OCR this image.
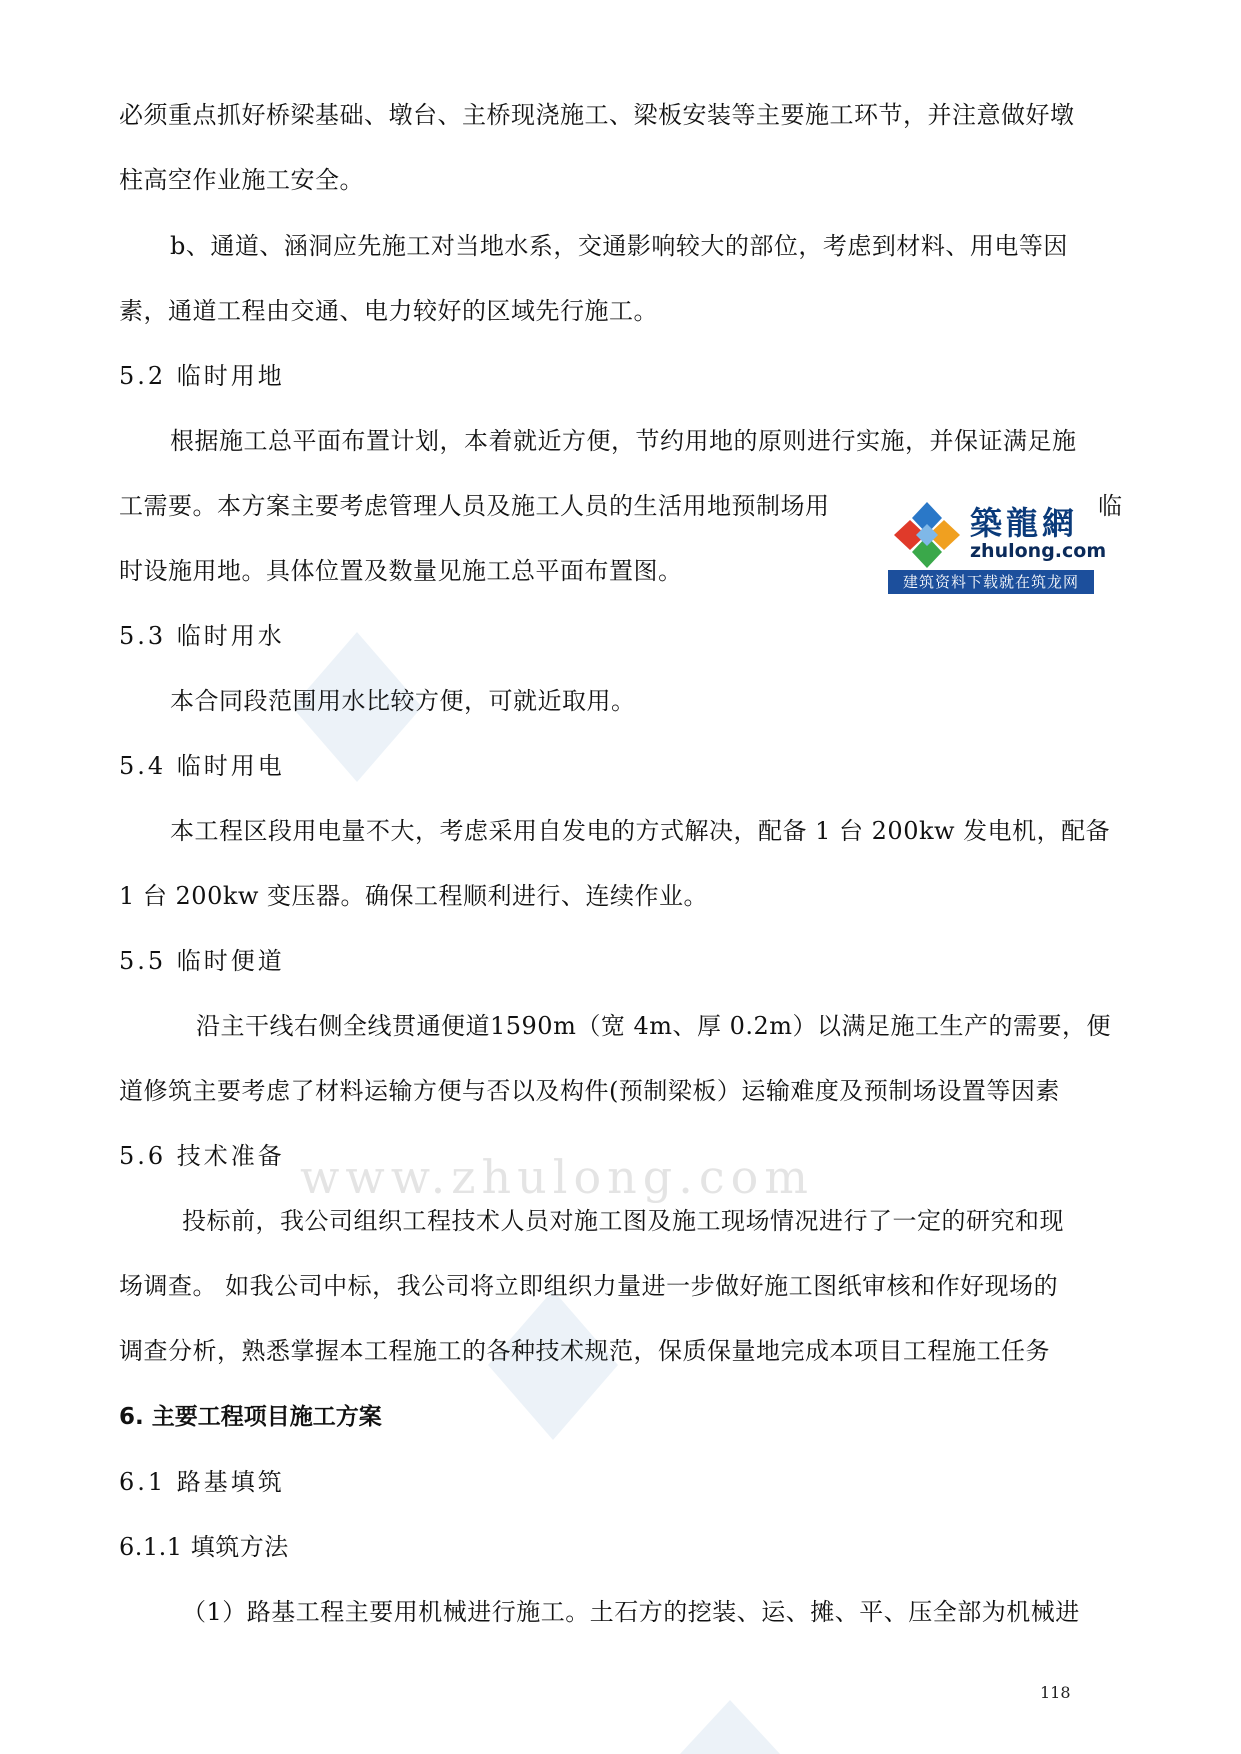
www.zhulong.com
必须重点抓好桥梁基础、墩台、主桥现浇施工、梁板安装等主要施工环节，并注意做好墩
柱高空作业施工安全。
b、通道、涵洞应先施工对当地水系，交通影响较大的部位，考虑到材料、用电等因
素，通道工程由交通、电力较好的区域先行施工。
5.2 临时用地
根据施工总平面布置计划，本着就近方便，节约用地的原则进行实施，并保证满足施
工需要。本方案主要考虑管理人员及施工人员的生活用地预制场用	临
时设施用地。具体位置及数量见施工总平面布置图。
5.3 临时用水
本合同段范围用水比较方便，可就近取用。
5.4 临时用电
本工程区段用电量不大，考虑采用自发电的方式解决，配备 1 台 200kw 发电机，配备
1 台 200kw 变压器。确保工程顺利进行、连续作业。
5.5 临时便道
沿主干线右侧全线贯通便道1590m（宽 4m、厚 0.2m）以满足施工生产的需要，便
道修筑主要考虑了材料运输方便与否以及构件(预制梁板）运输难度及预制场设置等因素
5.6 技术准备
投标前，我公司组织工程技术人员对施工图及施工现场情况进行了一定的研究和现
场调查。 如我公司中标，我公司将立即组织力量进一步做好施工图纸审核和作好现场的
调查分析，熟悉掌握本工程施工的各种技术规范，保质保量地完成本项目工程施工任务
6. 主要工程项目施工方案
6.1 路基填筑
6.1.1 填筑方法
（1）路基工程主要用机械进行施工。土石方的挖装、运、摊、平、压全部为机械进
築龍網
zhulong.com
建筑资料下载就在筑龙网
118
